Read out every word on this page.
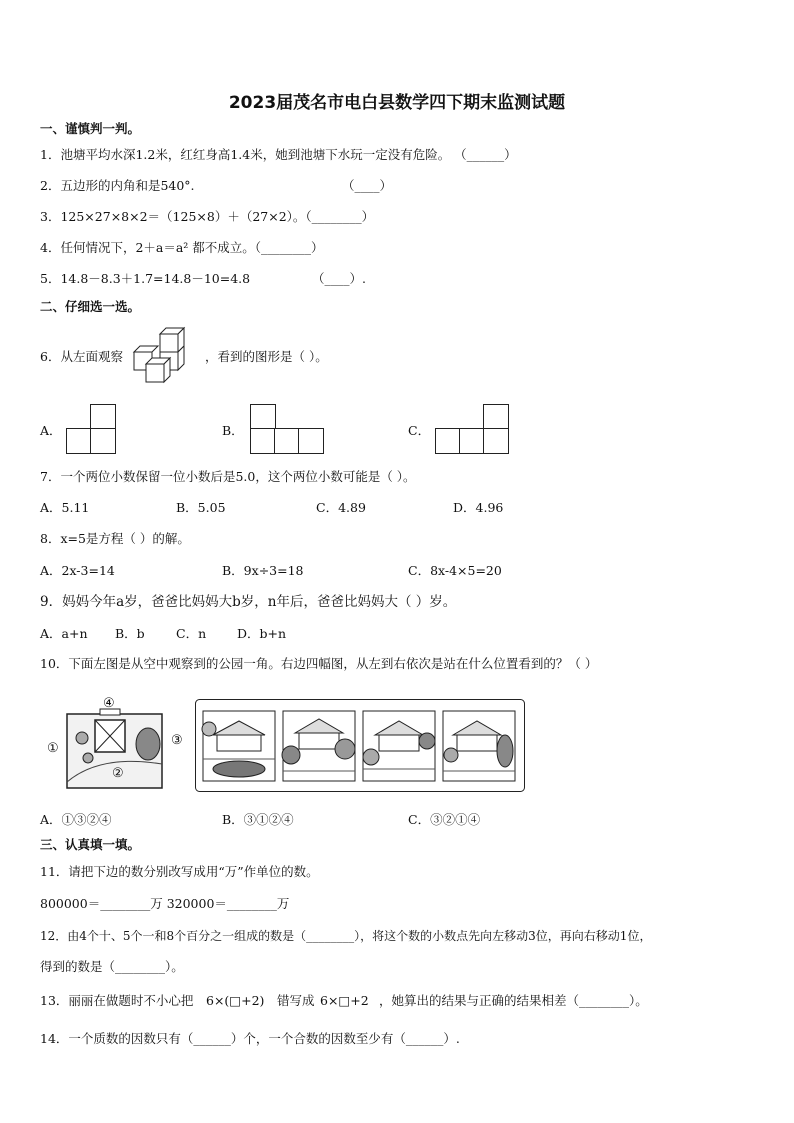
2023届茂名市电白县数学四下期末监测试题
一、谨慎判一判。
1．池塘平均水深1.2米，红红身高1.4米，她到池塘下水玩一定没有危险。 （______）
2．五边形的内角和是540°.	（____）
3．125×27×8×2＝（125×8）＋（27×2）。（________）
4．任何情况下，2＋a＝a² 都不成立。（________）
5．14.8－8.3＋1.7=14.8－10=4.8	（____）.
二、仔细选一选。
6．从左面观察	，看到的图形是（ ）。
A．	B．	C．
7．一个两位小数保留一位小数后是5.0，这个两位小数可能是（ ）。
A．5.11	B．5.05	C．4.89	D．4.96
8．x=5是方程（ ）的解。
A．2x-3=14	B．9x÷3=18	C．8x-4×5=20
9．妈妈今年a岁，爸爸比妈妈大b岁，n年后，爸爸比妈妈大（ ）岁。
A．a+n B．b	C．n D．b+n
10．下面左图是从空中观察到的公园一角。右边四幅图，从左到右依次是站在什么位置看到的？（ ）
④
①
③
②
A．①③②④	B．③①②④	C．③②①④
三、认真填一填。
11．请把下边的数分别改写成用“万”作单位的数。
800000＝________万 320000＝________万
12．由4个十、5个一和8个百分之一组成的数是（________），将这个数的小数点先向左移动3位，再向右移动1位，
得到的数是（________）。
13．丽丽在做题时不小心把 6×(□+2) 错写成 6×□+2 ，她算出的结果与正确的结果相差（________）。
14．一个质数的因数只有（______）个，一个合数的因数至少有（______）.
